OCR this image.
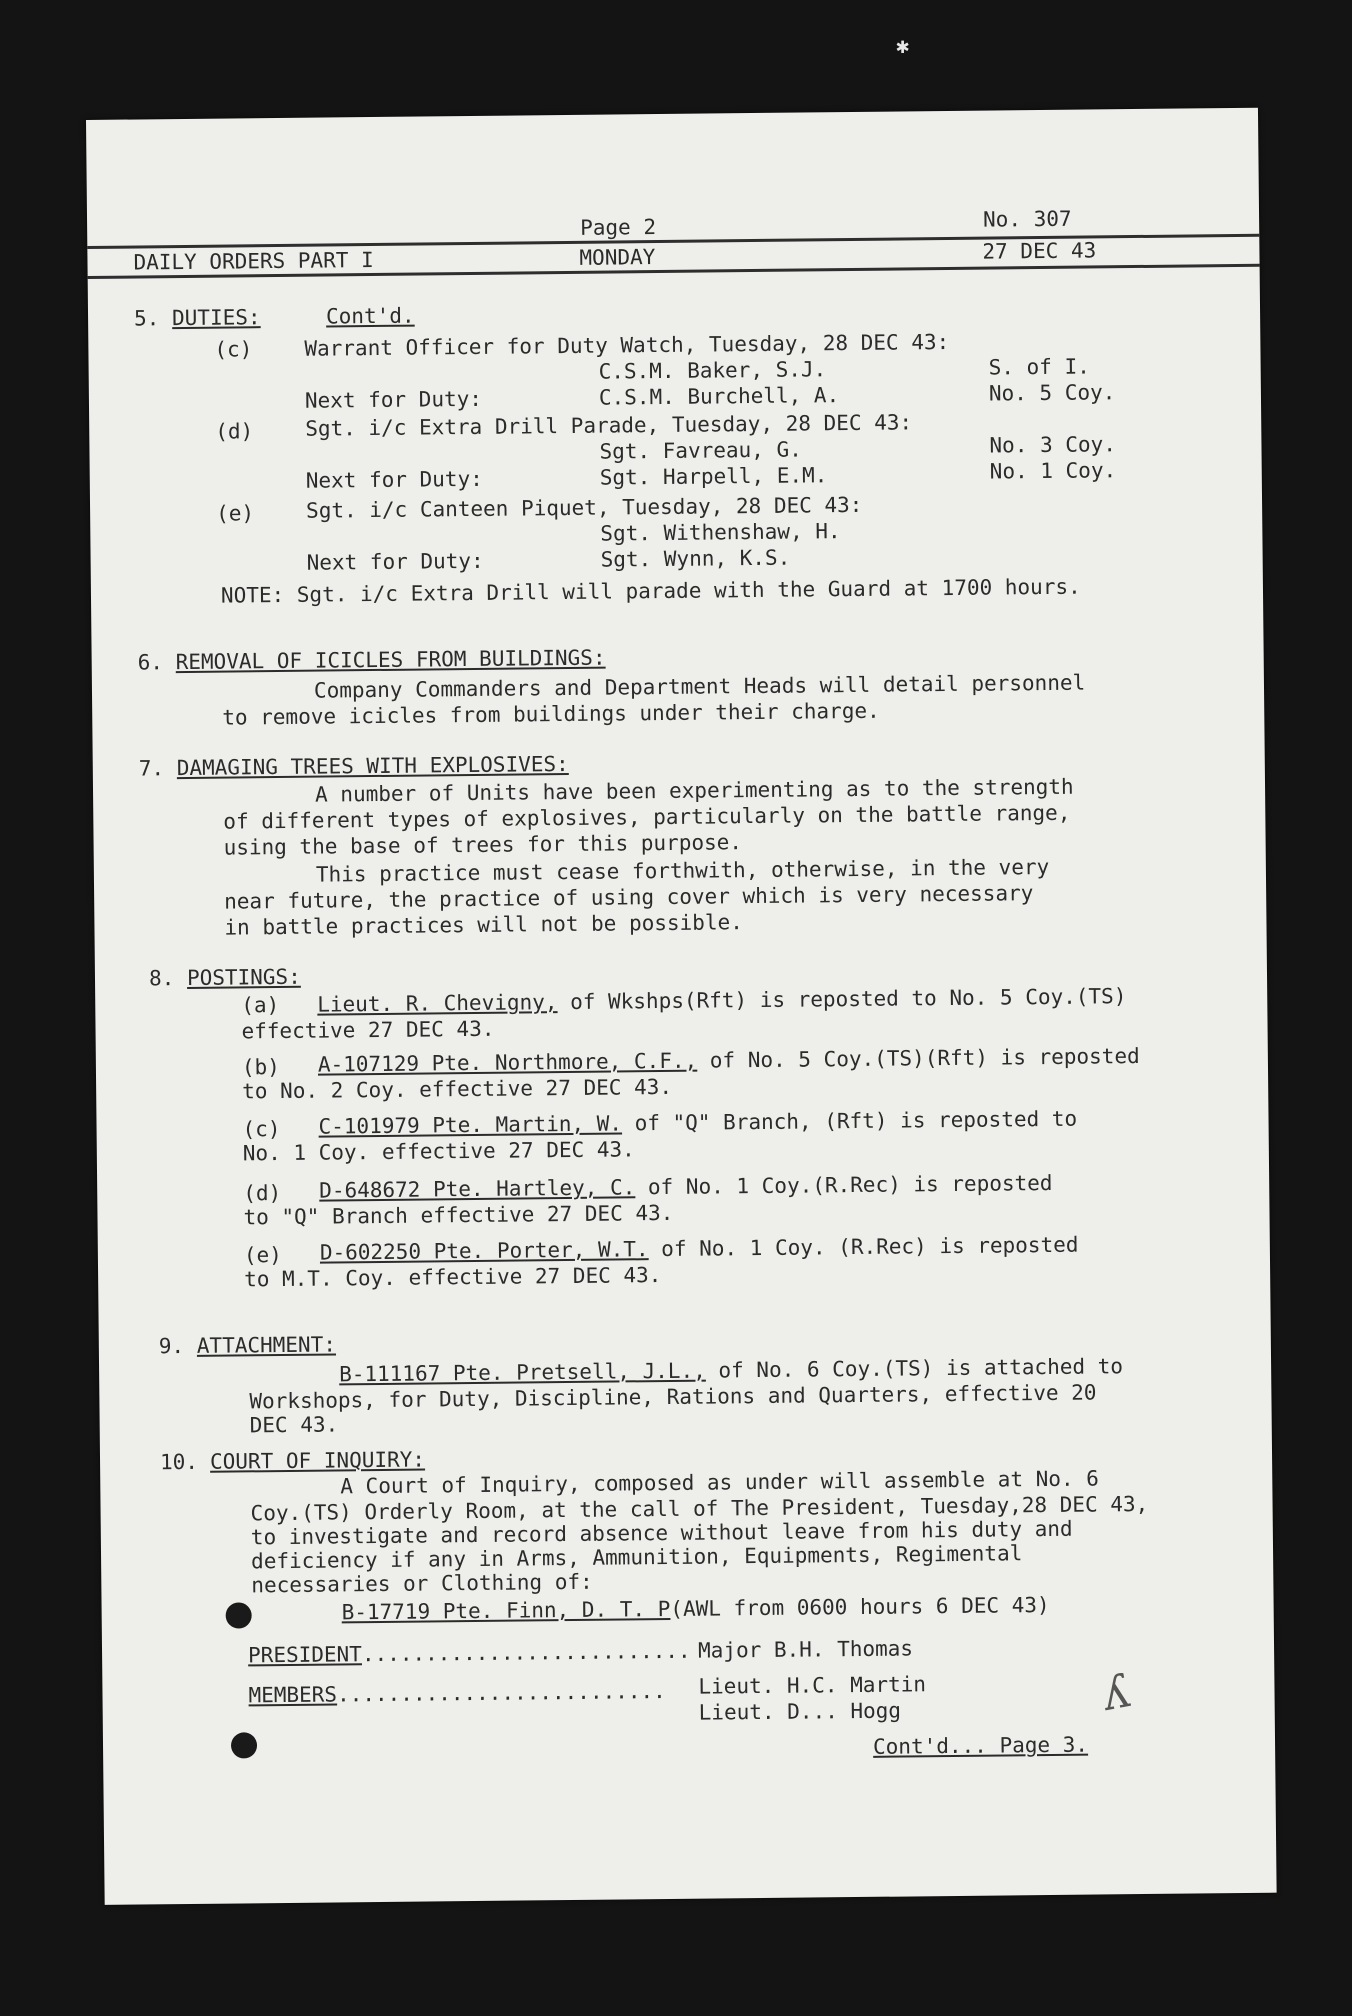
✱
Page 2	No. 307
DAILY ORDERS PART I	MONDAY	27 DEC 43
5. DUTIES:	Cont'd.
(c) Warrant Officer for Duty Watch, Tuesday, 28 DEC 43:
C.S.M. Baker, S.J.	S. of I.
Next for Duty:	C.S.M. Burchell, A.	No. 5 Coy.
(d) Sgt. i/c Extra Drill Parade, Tuesday, 28 DEC 43:
Sgt. Favreau, G.	No. 3 Coy.
Next for Duty:	Sgt. Harpell, E.M.	No. 1 Coy.
(e) Sgt. i/c Canteen Piquet, Tuesday, 28 DEC 43:
Sgt. Withenshaw, H.
Next for Duty:	Sgt. Wynn, K.S.
NOTE: Sgt. i/c Extra Drill will parade with the Guard at 1700 hours.
6. REMOVAL OF ICICLES FROM BUILDINGS:
Company Commanders and Department Heads will detail personnel
to remove icicles from buildings under their charge.
7. DAMAGING TREES WITH EXPLOSIVES:
A number of Units have been experimenting as to the strength
of different types of explosives, particularly on the battle range,
using the base of trees for this purpose.
This practice must cease forthwith, otherwise, in the very
near future, the practice of using cover which is very necessary
in battle practices will not be possible.
8. POSTINGS:
(a) Lieut. R. Chevigny, of Wkshps(Rft) is reposted to No. 5 Coy.(TS)
effective 27 DEC 43.
(b) A-107129 Pte. Northmore, C.F., of No. 5 Coy.(TS)(Rft) is reposted
to No. 2 Coy. effective 27 DEC 43.
(c) C-101979 Pte. Martin, W. of "Q" Branch, (Rft) is reposted to
No. 1 Coy. effective 27 DEC 43.
(d) D-648672 Pte. Hartley, C. of No. 1 Coy.(R.Rec) is reposted
to "Q" Branch effective 27 DEC 43.
(e) D-602250 Pte. Porter, W.T. of No. 1 Coy. (R.Rec) is reposted
to M.T. Coy. effective 27 DEC 43.
9. ATTACHMENT:
B-111167 Pte. Pretsell, J.L., of No. 6 Coy.(TS) is attached to
Workshops, for Duty, Discipline, Rations and Quarters, effective 20
DEC 43.
10. COURT OF INQUIRY:
A Court of Inquiry, composed as under will assemble at No. 6
Coy.(TS) Orderly Room, at the call of The President, Tuesday,28 DEC 43,
to investigate and record absence without leave from his duty and
deficiency if any in Arms, Ammunition, Equipments, Regimental
necessaries or Clothing of:
B-17719 Pte. Finn, D. T. P(AWL from 0600 hours 6 DEC 43)
PRESIDENT.......................... Major B.H. Thomas
MEMBERS.......................... Lieut. H.C. Martin
Lieut. D... Hogg
Cont'd... Page 3.
ʎ
